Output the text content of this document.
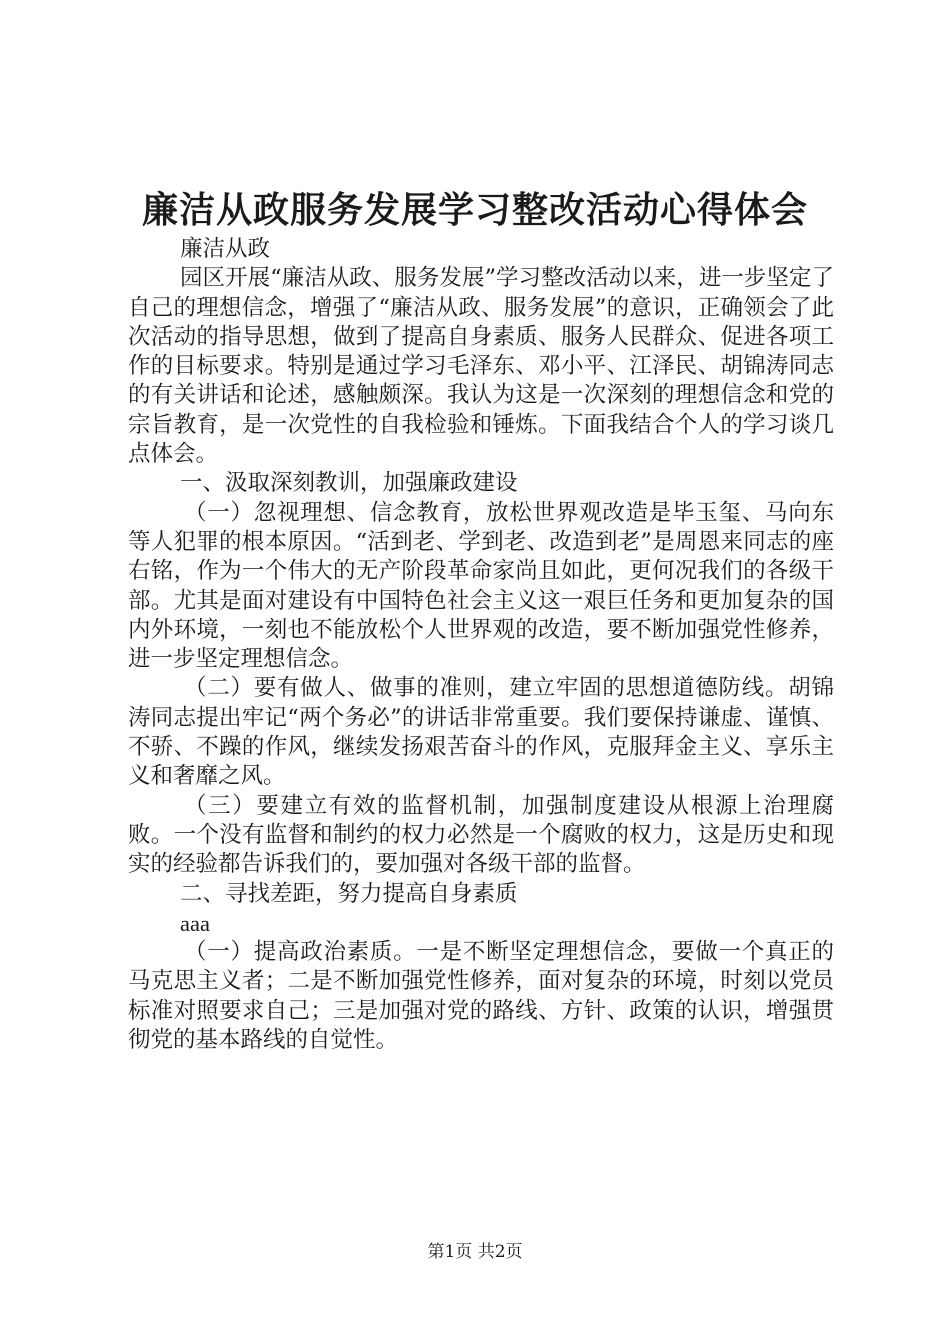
廉洁从政服务发展学习整改活动心得体会

廉洁从政

园区开展“廉洁从政、服务发展”学习整改活动以来，进一步坚定了自己的理想信念，增强了“廉洁从政、服务发展”的意识，正确领会了此次活动的指导思想，做到了提高自身素质、服务人民群众、促进各项工作的目标要求。特别是通过学习毛泽东、邓小平、江泽民、胡锦涛同志的有关讲话和论述，感触颇深。我认为这是一次深刻的理想信念和党的宗旨教育，是一次党性的自我检验和锤炼。下面我结合个人的学习谈几点体会。

一、汲取深刻教训，加强廉政建设

（一）忽视理想、信念教育，放松世界观改造是毕玉玺、马向东等人犯罪的根本原因。“活到老、学到老、改造到老”是周恩来同志的座右铭，作为一个伟大的无产阶段革命家尚且如此，更何况我们的各级干部。尤其是面对建设有中国特色社会主义这一艰巨任务和更加复杂的国内外环境，一刻也不能放松个人世界观的改造，要不断加强党性修养，进一步坚定理想信念。

（二）要有做人、做事的准则，建立牢固的思想道德防线。胡锦涛同志提出牢记“两个务必”的讲话非常重要。我们要保持谦虚、谨慎、不骄、不躁的作风，继续发扬艰苦奋斗的作风，克服拜金主义、享乐主义和奢靡之风。

（三）要建立有效的监督机制，加强制度建设从根源上治理腐败。一个没有监督和制约的权力必然是一个腐败的权力，这是历史和现实的经验都告诉我们的，要加强对各级干部的监督。

二、寻找差距，努力提高自身素质

aaa

（一）提高政治素质。一是不断坚定理想信念，要做一个真正的马克思主义者；二是不断加强党性修养，面对复杂的环境，时刻以党员标准对照要求自己；三是加强对党的路线、方针、政策的认识，增强贯彻党的基本路线的自觉性。

第1页 共2页
